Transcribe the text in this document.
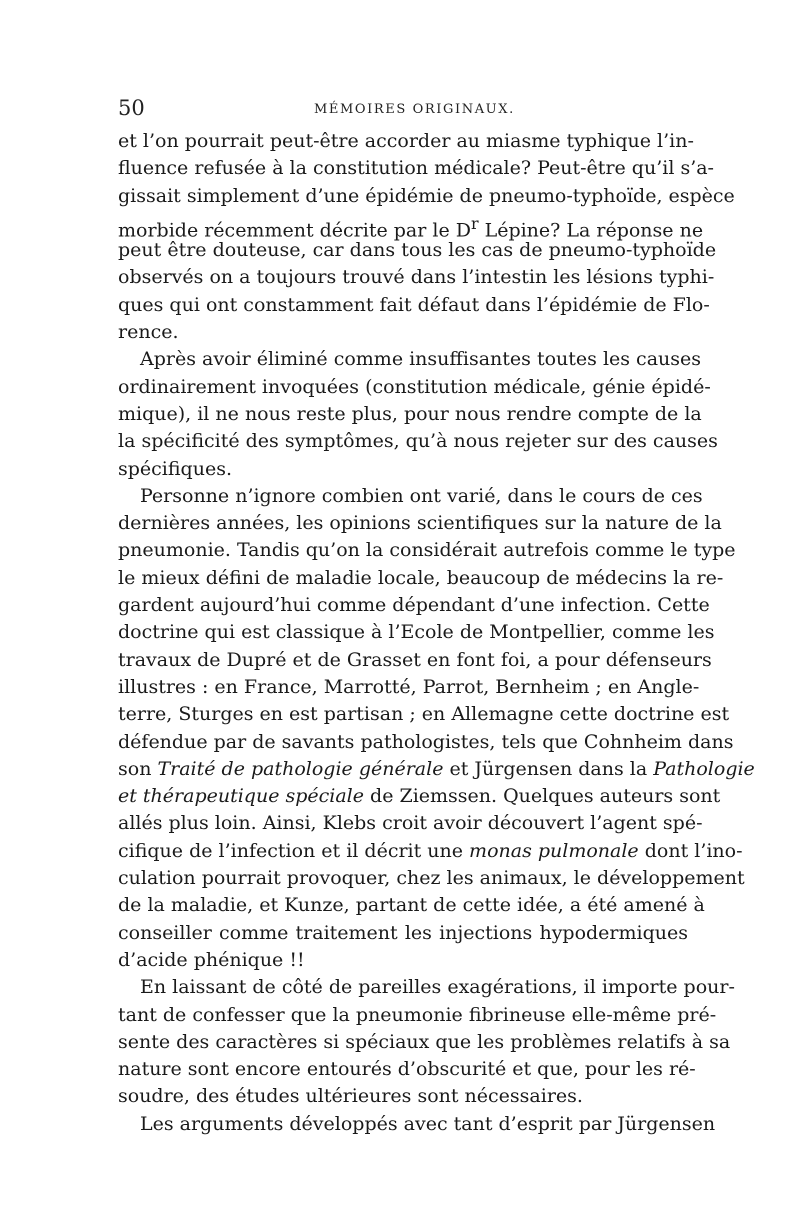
50	MÉMOIRES ORIGINAUX.
et l’on pourrait peut-être accorder au miasme typhique l’in-
fluence refusée à la constitution médicale? Peut-être qu’il s’a-
gissait simplement d’une épidémie de pneumo-typhoïde, espèce
morbide récemment décrite par le $D^r$ Lépine? La réponse ne
peut être douteuse, car dans tous les cas de pneumo-typhoïde
observés on a toujours trouvé dans l’intestin les lésions typhi-
ques qui ont constamment fait défaut dans l’épidémie de Flo-
rence.
Après avoir éliminé comme insuffisantes toutes les causes
ordinairement invoquées (constitution médicale, génie épidé-
mique), il ne nous reste plus, pour nous rendre compte de la
la spécificité des symptômes, qu’à nous rejeter sur des causes
spécifiques.
Personne n’ignore combien ont varié, dans le cours de ces
dernières années, les opinions scientifiques sur la nature de la
pneumonie. Tandis qu’on la considérait autrefois comme le type
le mieux défini de maladie locale, beaucoup de médecins la re-
gardent aujourd’hui comme dépendant d’une infection. Cette
doctrine qui est classique à l’Ecole de Montpellier, comme les
travaux de Dupré et de Grasset en font foi, a pour défenseurs
illustres : en France, Marrotté, Parrot, Bernheim ; en Angle-
terre, Sturges en est partisan ; en Allemagne cette doctrine est
défendue par de savants pathologistes, tels que Cohnheim dans
son Traité de pathologie générale et Jürgensen dans la Pathologie
et thérapeutique spéciale de Ziemssen. Quelques auteurs sont
allés plus loin. Ainsi, Klebs croit avoir découvert l’agent spé-
cifique de l’infection et il décrit une monas pulmonale dont l’ino-
culation pourrait provoquer, chez les animaux, le développement
de la maladie, et Kunze, partant de cette idée, a été amené à
conseiller comme traitement les injections hypodermiques
d’acide phénique !!
En laissant de côté de pareilles exagérations, il importe pour-
tant de confesser que la pneumonie fibrineuse elle-même pré-
sente des caractères si spéciaux que les problèmes relatifs à sa
nature sont encore entourés d’obscurité et que, pour les ré-
soudre, des études ultérieures sont nécessaires.
Les arguments développés avec tant d’esprit par Jürgensen
